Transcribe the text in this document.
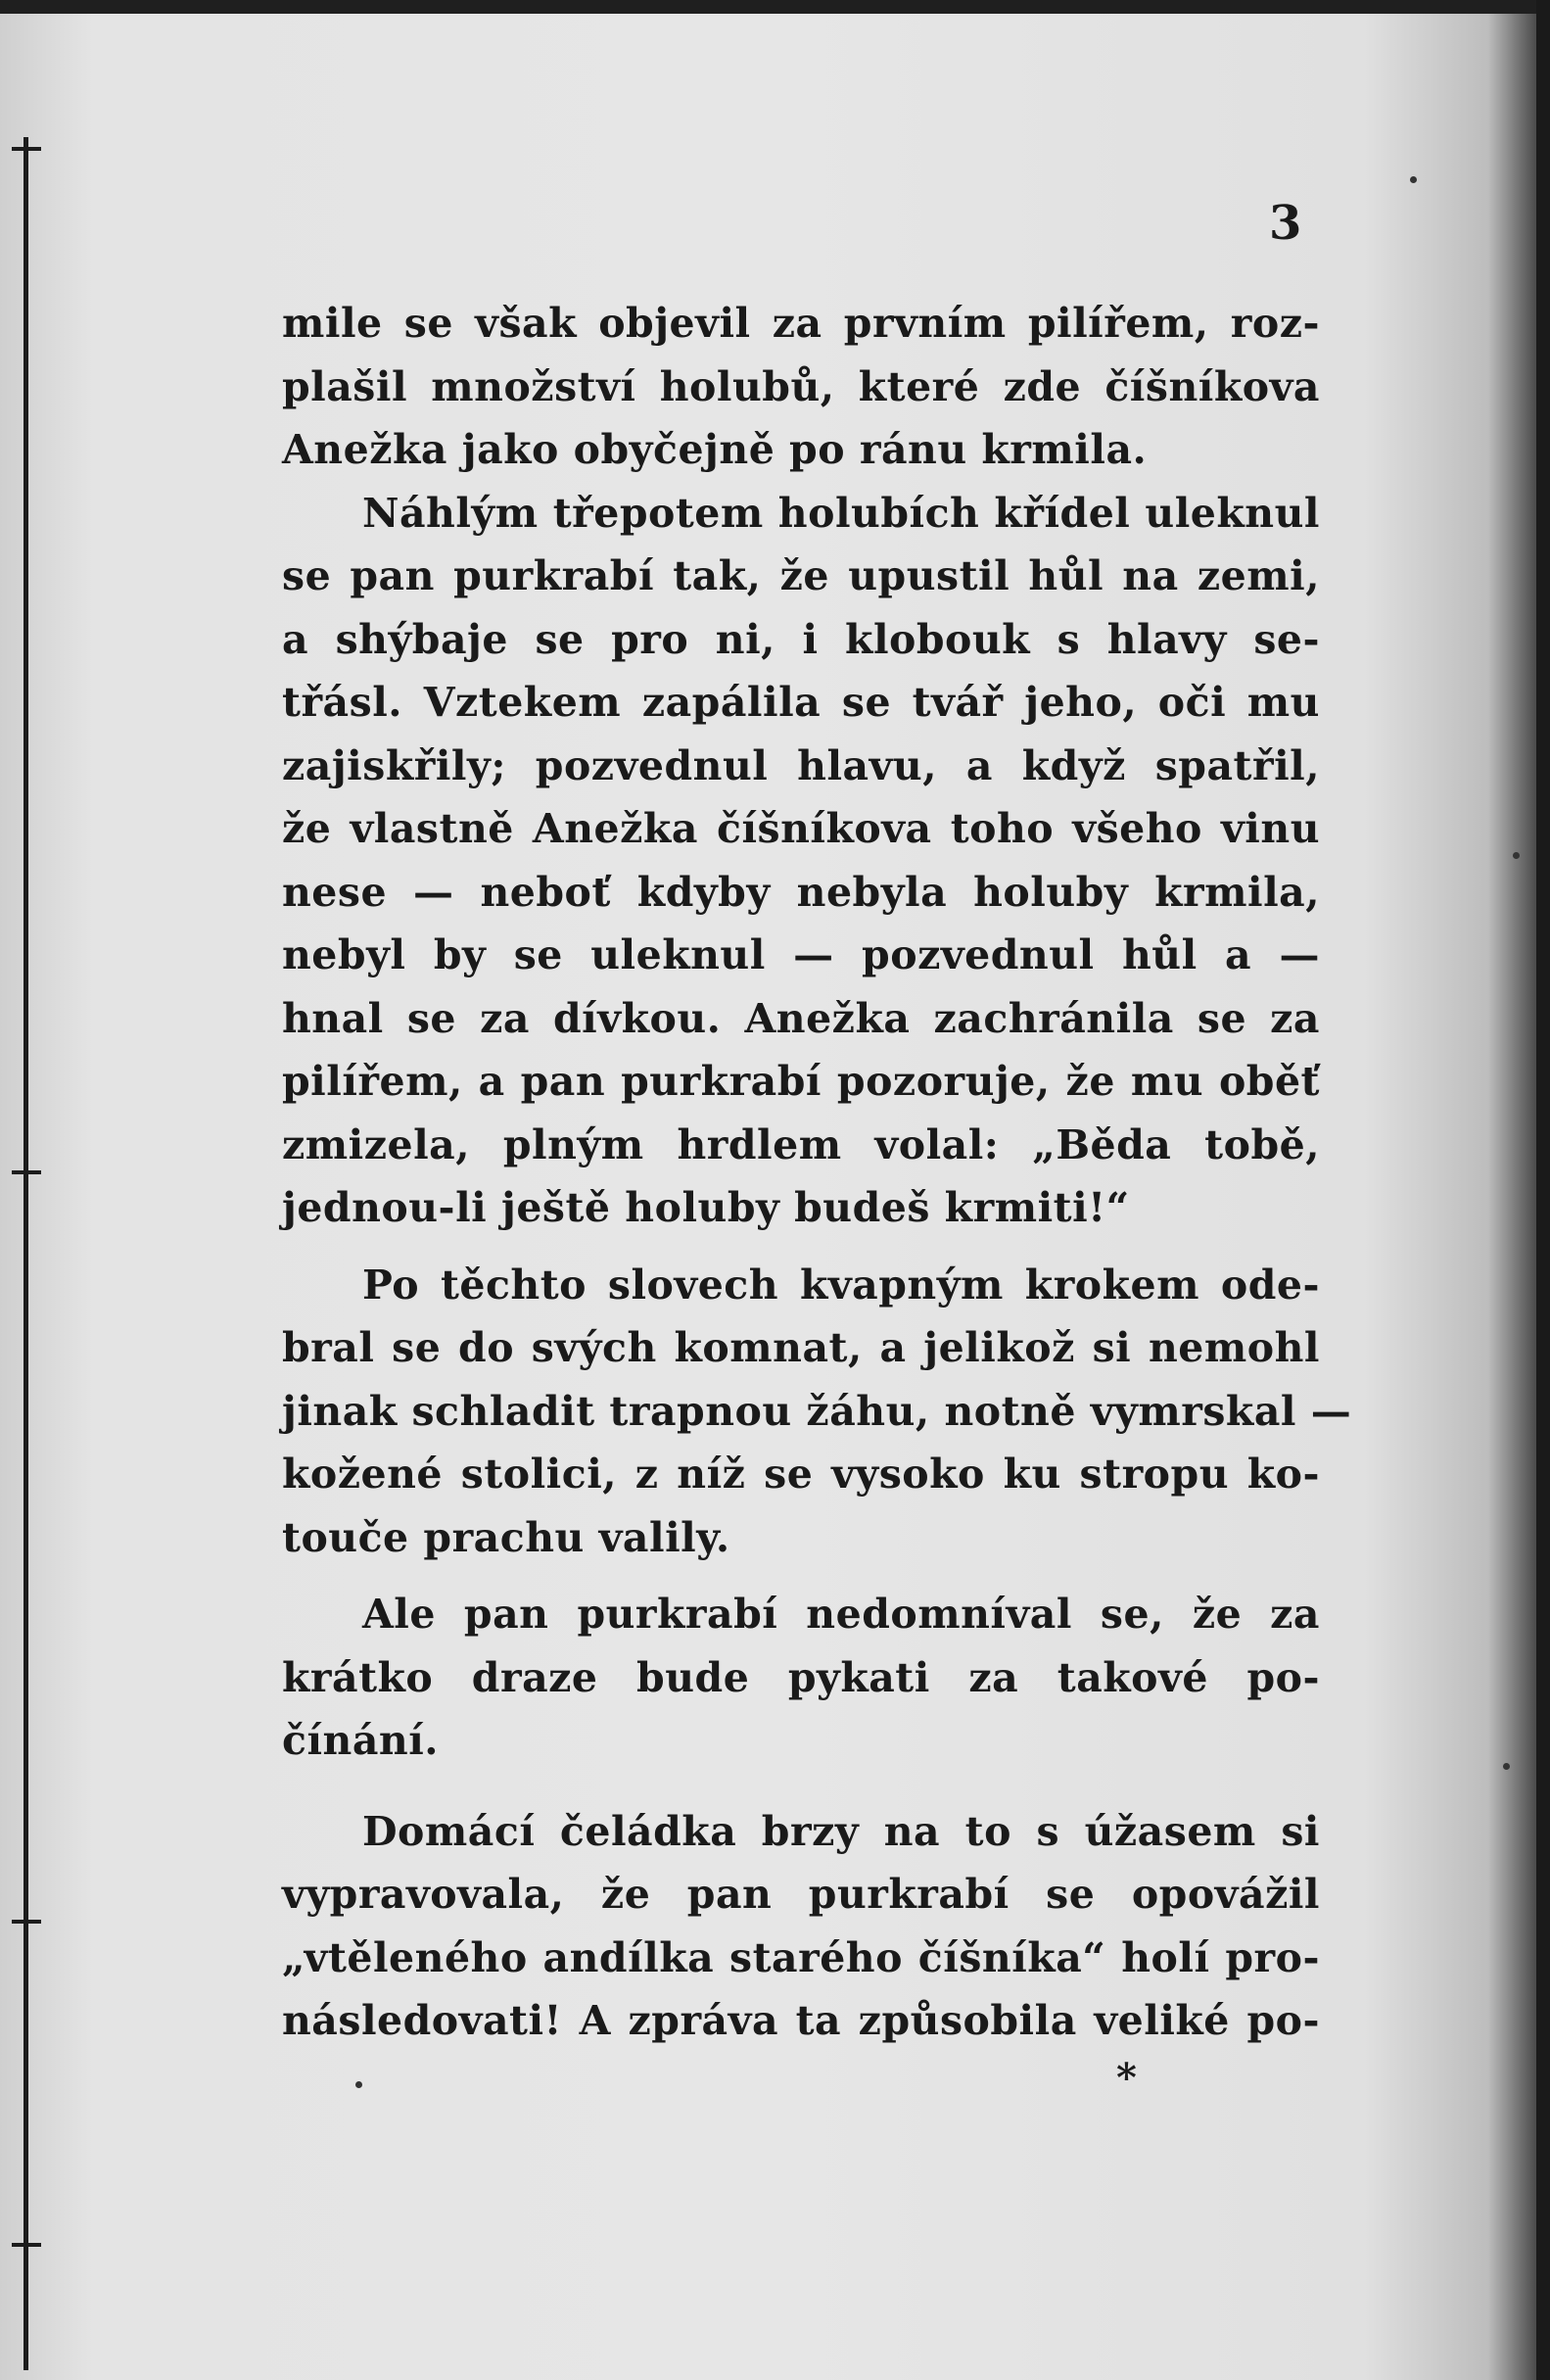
3
mile se však objevil za prvním pilířem, roz-
plašil množství holubů, které zde číšníkova
Anežka jako obyčejně po ránu krmila.
Náhlým třepotem holubích křídel uleknul
se pan purkrabí tak, že upustil hůl na zemi,
a shýbaje se pro ni, i klobouk s hlavy se-
třásl. Vztekem zapálila se tvář jeho, oči mu
zajiskřily; pozvednul hlavu, a když spatřil,
že vlastně Anežka číšníkova toho všeho vinu
nese — neboť kdyby nebyla holuby krmila,
nebyl by se uleknul — pozvednul hůl a —
hnal se za dívkou. Anežka zachránila se za
pilířem, a pan purkrabí pozoruje, že mu oběť
zmizela, plným hrdlem volal: „Běda tobě,
jednou-li ještě holuby budeš krmiti!“
Po těchto slovech kvapným krokem ode-
bral se do svých komnat, a jelikož si nemohl
jinak schladit trapnou žáhu, notně vymrskal —
kožené stolici, z níž se vysoko ku stropu ko-
touče prachu valily.
Ale pan purkrabí nedomníval se, že za
krátko draze bude pykati za takové po-
čínání.
Domácí čeládka brzy na to s úžasem si
vypravovala, že pan purkrabí se opovážil
„vtěleného andílka starého číšníka“ holí pro-
následovati! A zpráva ta způsobila veliké po-
*
